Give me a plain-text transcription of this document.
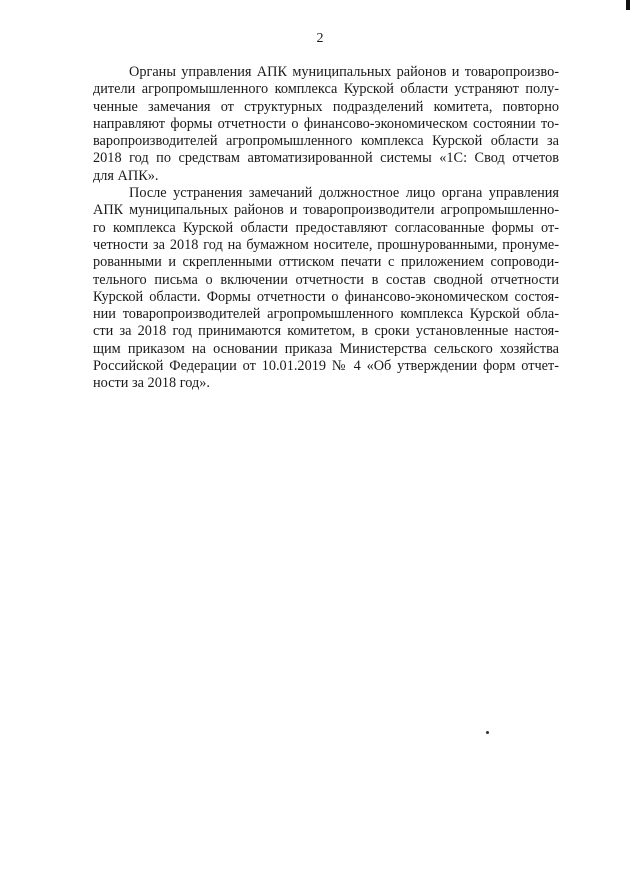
2

Органы управления АПК муниципальных районов и товаропроизво-
дители агропромышленного комплекса Курской области устраняют полу-
ченные замечания от структурных подразделений комитета, повторно
направляют формы отчетности о финансово-экономическом состоянии то-
варопроизводителей агропромышленного комплекса Курской области за
2018 год по средствам автоматизированной системы «1С: Свод отчетов
для АПК».

После устранения замечаний должностное лицо органа управления
АПК муниципальных районов и товаропроизводители агропромышленно-
го комплекса Курской области предоставляют согласованные формы от-
четности за 2018 год на бумажном носителе, прошнурованными, пронуме-
рованными и скрепленными оттиском печати с приложением сопроводи-
тельного письма о включении отчетности в состав сводной отчетности
Курской области. Формы отчетности о финансово-экономическом состоя-
нии товаропроизводителей агропромышленного комплекса Курской обла-
сти за 2018 год принимаются комитетом, в сроки установленные настоя-
щим приказом на основании приказа Министерства сельского хозяйства
Российской Федерации от 10.01.2019 № 4 «Об утверждении форм отчет-
ности за 2018 год».
